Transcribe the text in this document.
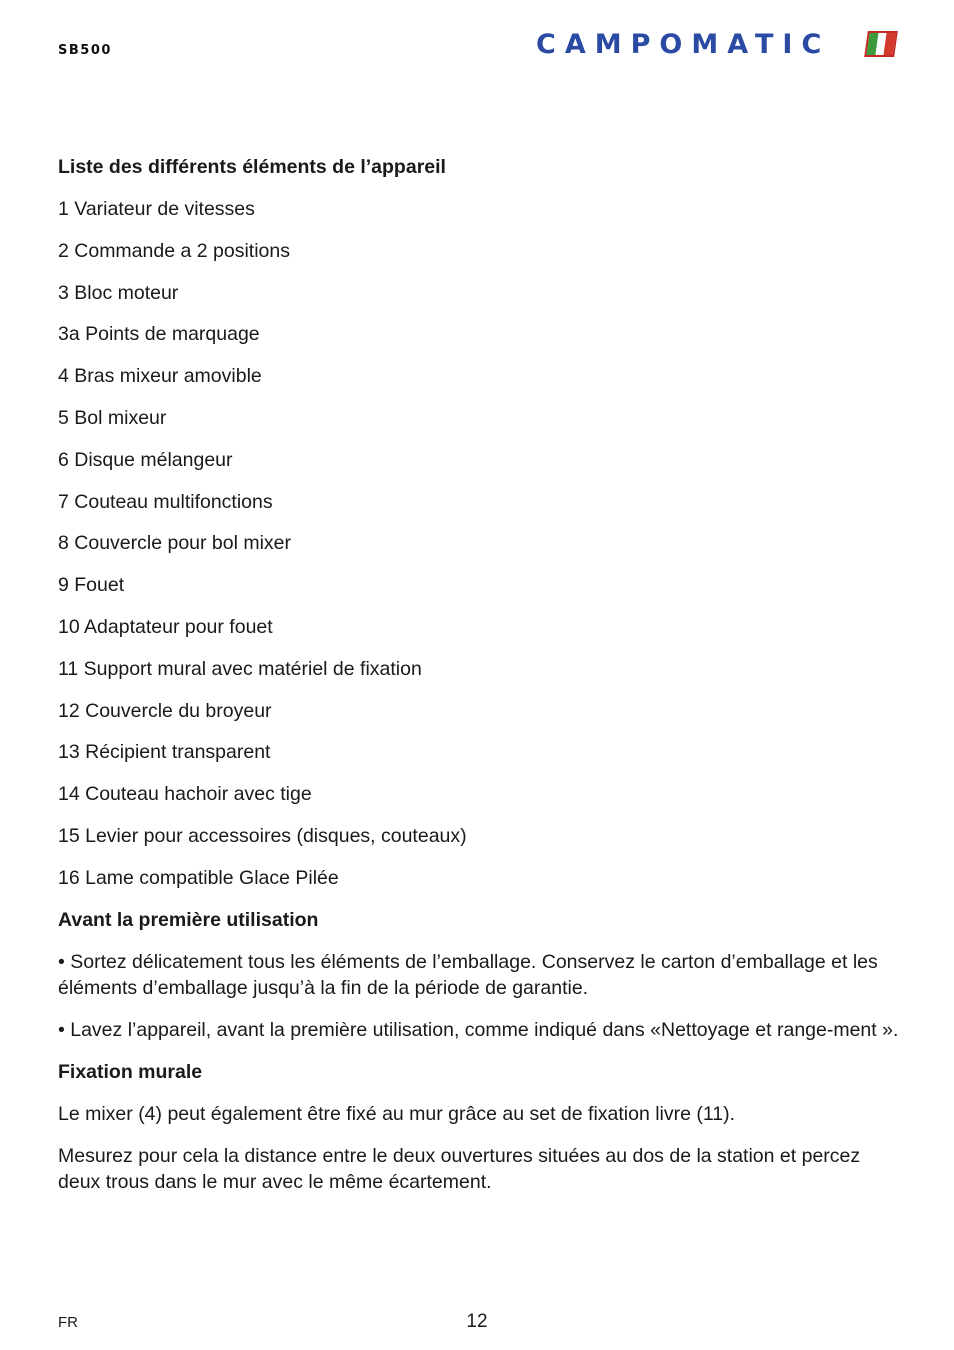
SB500	CAMPOMATIC
Liste des différents éléments de l’appareil
1 Variateur de vitesses
2 Commande a 2 positions
3 Bloc moteur
3a Points de marquage
4 Bras mixeur amovible
5 Bol mixeur
6 Disque mélangeur
7 Couteau multifonctions
8 Couvercle pour bol mixer
9 Fouet
10 Adaptateur pour fouet
11 Support mural avec matériel de fixation
12 Couvercle du broyeur
13 Récipient transparent
14 Couteau hachoir avec tige
15 Levier pour accessoires (disques, couteaux)
16 Lame compatible Glace Pilée
Avant la première utilisation
• Sortez délicatement tous les éléments de l’emballage. Conservez le carton d’emballage et les éléments d’emballage jusqu’à la fin de la période de garantie.
• Lavez l’appareil, avant la première utilisation, comme indiqué dans «Nettoyage et range-ment ».
Fixation murale
Le mixer (4) peut également être fixé au mur grâce au set de fixation livre (11).
Mesurez pour cela la distance entre le deux ouvertures situées au dos de la station et percez deux trous dans le mur avec le même écartement.
FR	12
